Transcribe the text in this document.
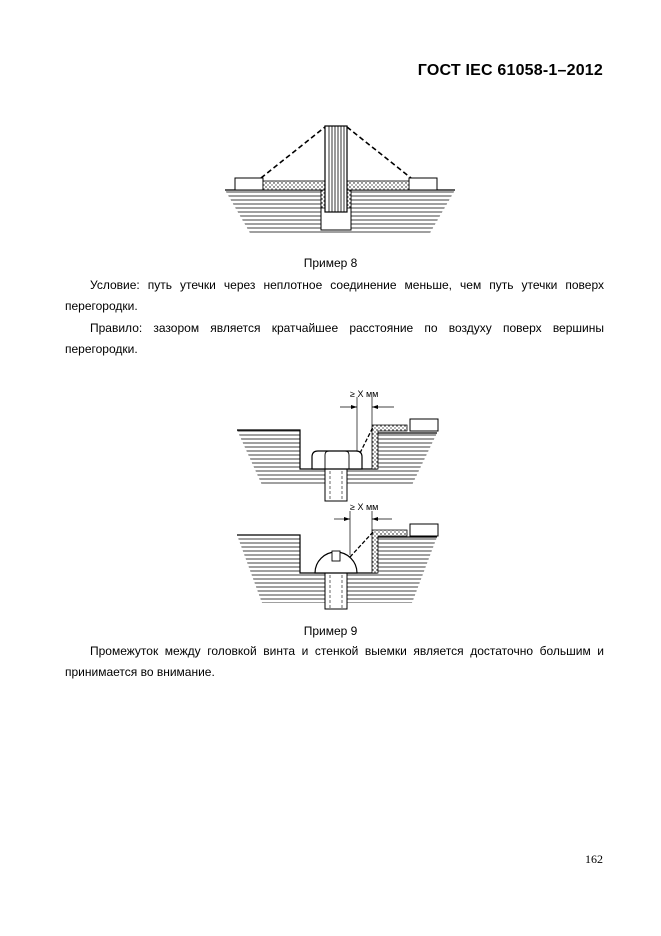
ГОСТ IEC 61058-1–2012
Пример 8
Условие: путь утечки через неплотное соединение меньше, чем путь утечки поверх
перегородки.
Правило: зазором является кратчайшее расстояние по воздуху поверх вершины
перегородки.
≥ X мм
≥ X мм
Пример 9
Промежуток между головкой винта и стенкой выемки является достаточно большим и
принимается во внимание.
162
